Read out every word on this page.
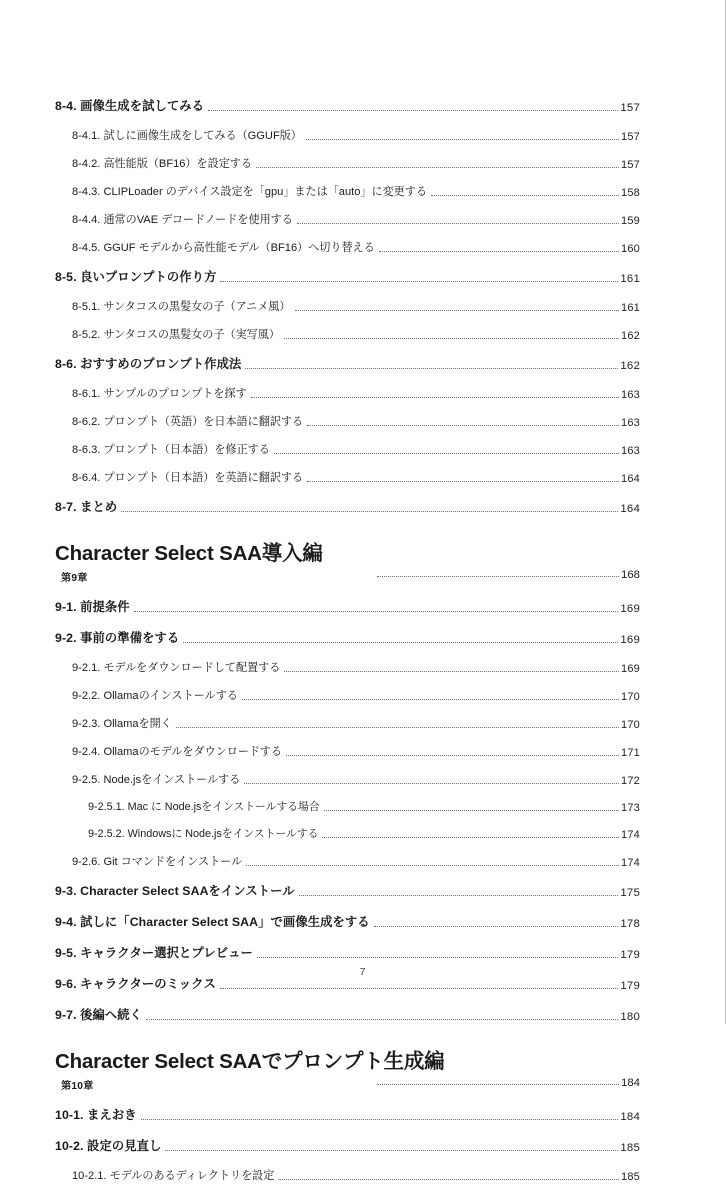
8-4. 画像生成を試してみる	157
8-4.1. 試しに画像生成をしてみる（GGUF版）	157
8-4.2. 高性能版（BF16）を設定する	157
8-4.3. CLIPLoader のデバイス設定を「gpu」または「auto」に変更する	158
8-4.4. 通常のVAE デコードノードを使用する	159
8-4.5. GGUF モデルから高性能モデル（BF16）へ切り替える	160
8-5. 良いプロンプトの作り方	161
8-5.1. サンタコスの黒髪女の子（アニメ風）	161
8-5.2. サンタコスの黒髪女の子（実写風）	162
8-6. おすすめのプロンプト作成法	162
8-6.1. サンプルのプロンプトを探す	163
8-6.2. プロンプト（英語）を日本語に翻訳する	163
8-6.3. プロンプト（日本語）を修正する	163
8-6.4. プロンプト（日本語）を英語に翻訳する	164
8-7. まとめ	164
Character Select SAA導入編
第9章	168
9-1. 前提条件	169
9-2. 事前の準備をする	169
9-2.1. モデルをダウンロードして配置する	169
9-2.2. Ollamaのインストールする	170
9-2.3. Ollamaを開く	170
9-2.4. Ollamaのモデルをダウンロードする	171
9-2.5. Node.jsをインストールする	172
9-2.5.1. Mac に Node.jsをインストールする場合	173
9-2.5.2. Windowsに Node.jsをインストールする	174
9-2.6. Git コマンドをインストール	174
9-3. Character Select SAAをインストール	175
9-4. 試しに「Character Select SAA」で画像生成をする	178
9-5. キャラクター選択とプレビュー	179
9-6. キャラクターのミックス	179
9-7. 後編へ続く	180
Character Select SAAでプロンプト生成編
第10章	184
10-1. まえおき	184
10-2. 設定の見直し	185
10-2.1. モデルのあるディレクトリを設定	185
7
